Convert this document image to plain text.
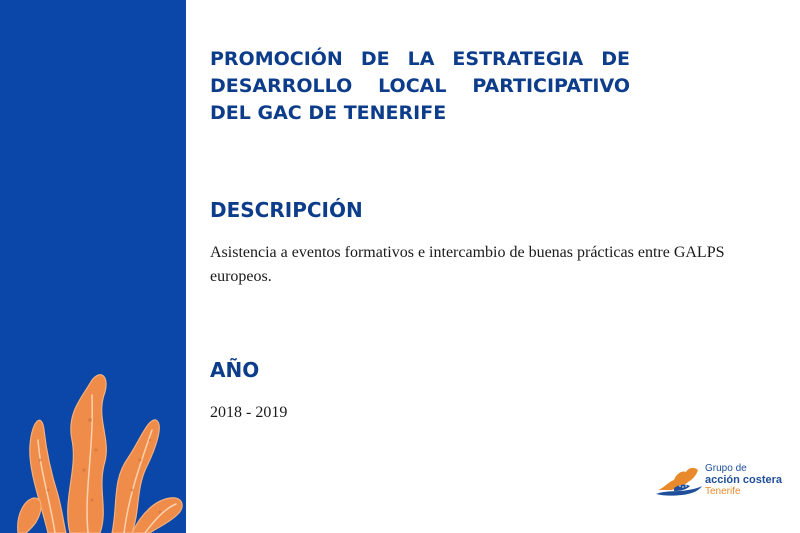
PROMOCIÓN DE LA ESTRATEGIA DE DESARROLLO LOCAL PARTICIPATIVO DEL GAC DE TENERIFE
DESCRIPCIÓN
Asistencia a eventos formativos e intercambio de buenas prácticas entre GALPS europeos.
AÑO
2018 - 2019
Grupo de
acción costera
Tenerife
